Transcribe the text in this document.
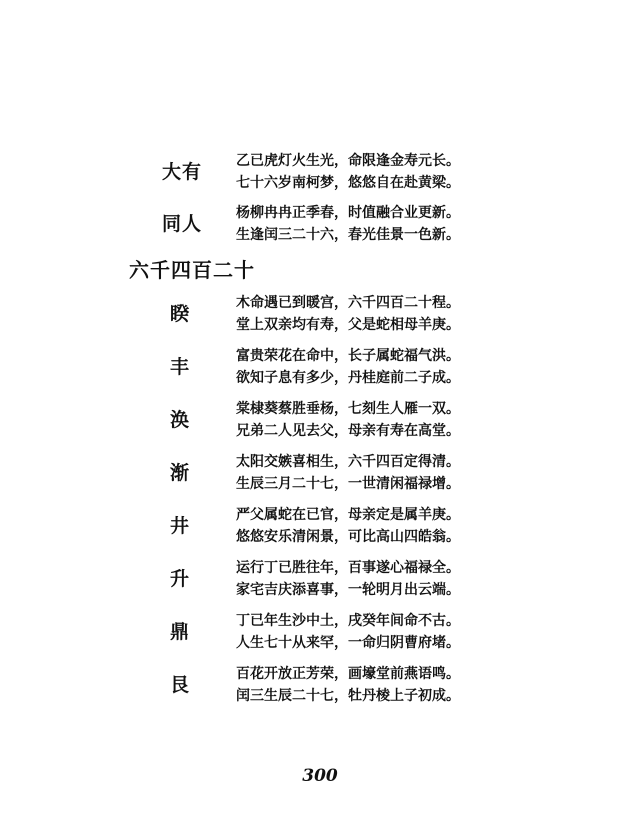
大有 乙已虎灯火生光，命限逢金寿元长。
七十六岁南柯梦，悠悠自在赴黄梁。
同人 杨柳冉冉正季春，时值融合业更新。
生逢闰三二十六，春光佳景一色新。
六千四百二十
睽	木命遇已到暖宫，六千四百二十程。
堂上双亲均有寿，父是蛇相母羊庚。
丰	富贵荣花在命中，长子属蛇福气洪。
欲知子息有多少，丹桂庭前二子成。
涣	棠棣葵蔡胜垂杨，七刻生人雁一双。
兄弟二人见去父，母亲有寿在高堂。
渐	太阳交嫉喜相生，六千四百定得清。
生辰三月二十七，一世清闲福禄增。
井	严父属蛇在已官，母亲定是属羊庚。
悠悠安乐清闲景，可比高山四皓翁。
升	运行丁已胜往年，百事遂心福禄全。
家宅吉庆添喜事，一轮明月出云端。
鼎	丁已年生沙中土，戌癸年间命不古。
人生七十从来罕，一命归阴曹府堵。
艮	百花开放正芳荣，画壕堂前燕语鸣。
闰三生辰二十七，牡丹棱上子初成。
300
